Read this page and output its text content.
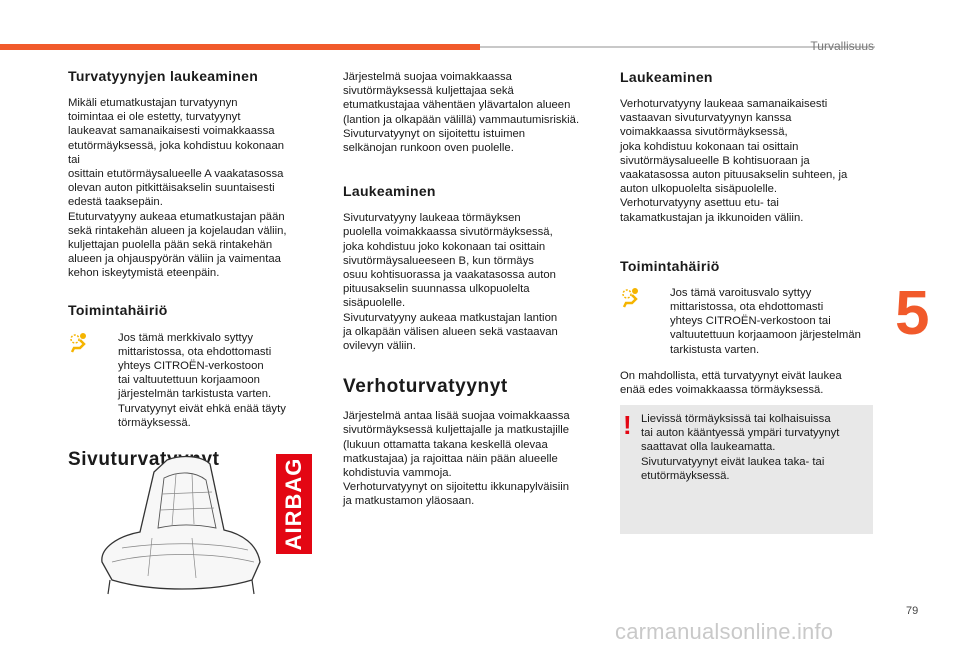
Turvallisuus
Turvatyynyjen laukeaminen

Mikäli etumatkustajan turvatyynyn
toimintaa ei ole estetty, turvatyynyt
laukeavat samanaikaisesti voimakkaassa
etutörmäyksessä, joka kohdistuu kokonaan tai
osittain etutörmäysalueelle A vaakatasossa
olevan auton pitkittäisakselin suuntaisesti
edestä taaksepäin.
Etuturvatyyny aukeaa etumatkustajan pään
sekä rintakehän alueen ja kojelaudan väliin,
kuljettajan puolella pään sekä rintakehän
alueen ja ohjauspyörän väliin ja vaimentaa
kehon iskeytymistä eteenpäin.

Toimintahäiriö
Jos tämä merkkivalo syttyy
mittaristossa, ota ehdottomasti
yhteys CITROËN-verkostoon
tai valtuutettuun korjaamoon
järjestelmän tarkistusta varten.
Turvatyynyt eivät ehkä enää täyty
törmäyksessä.
Sivuturvatyynyt	AIRBAG

Järjestelmä suojaa voimakkaassa
sivutörmäyksessä kuljettajaa sekä
etumatkustajaa vähentäen ylävartalon alueen
(lantion ja olkapään välillä) vammautumisriskiä.
Sivuturvatyynyt on sijoitettu istuimen
selkänojan runkoon oven puolelle.

Laukeaminen

Sivuturvatyyny laukeaa törmäyksen
puolella voimakkaassa sivutörmäyksessä,
joka kohdistuu joko kokonaan tai osittain
sivutörmäysalueeseen B, kun törmäys
osuu kohtisuorassa ja vaakatasossa auton
pituusakselin suunnassa ulkopuolelta
sisäpuolelle.
Sivuturvatyyny aukeaa matkustajan lantion
ja olkapään välisen alueen sekä vastaavan
ovilevyn väliin.

Verhoturvatyynyt

Järjestelmä antaa lisää suojaa voimakkaassa
sivutörmäyksessä kuljettajalle ja matkustajille
(lukuun ottamatta takana keskellä olevaa
matkustajaa) ja rajoittaa näin pään alueelle
kohdistuvia vammoja.
Verhoturvatyynyt on sijoitettu ikkunapylväisiin
ja matkustamon yläosaan.

Laukeaminen

Verhoturvatyyny laukeaa samanaikaisesti
vastaavan sivuturvatyynyn kanssa
voimakkaassa sivutörmäyksessä,
joka kohdistuu kokonaan tai osittain
sivutörmäysalueelle B kohtisuoraan ja
vaakatasossa auton pituusakselin suhteen, ja
auton ulkopuolelta sisäpuolelle.
Verhoturvatyyny asettuu etu- tai
takamatkustajan ja ikkunoiden väliin.

Toimintahäiriö
Jos tämä varoitusvalo syttyy
mittaristossa, ota ehdottomasti
yhteys CITROËN-verkostoon tai
valtuutettuun korjaamoon järjestelmän
tarkistusta varten.

On mahdollista, että turvatyynyt eivät laukea
enää edes voimakkaassa törmäyksessä.

! Lievissä törmäyksissä tai kolhaisuissa
tai auton kääntyessä ympäri turvatyynyt
saattavat olla laukeamatta.
Sivuturvatyynyt eivät laukea taka- tai
etutörmäyksessä.
5
79
carmanualsonline.info
